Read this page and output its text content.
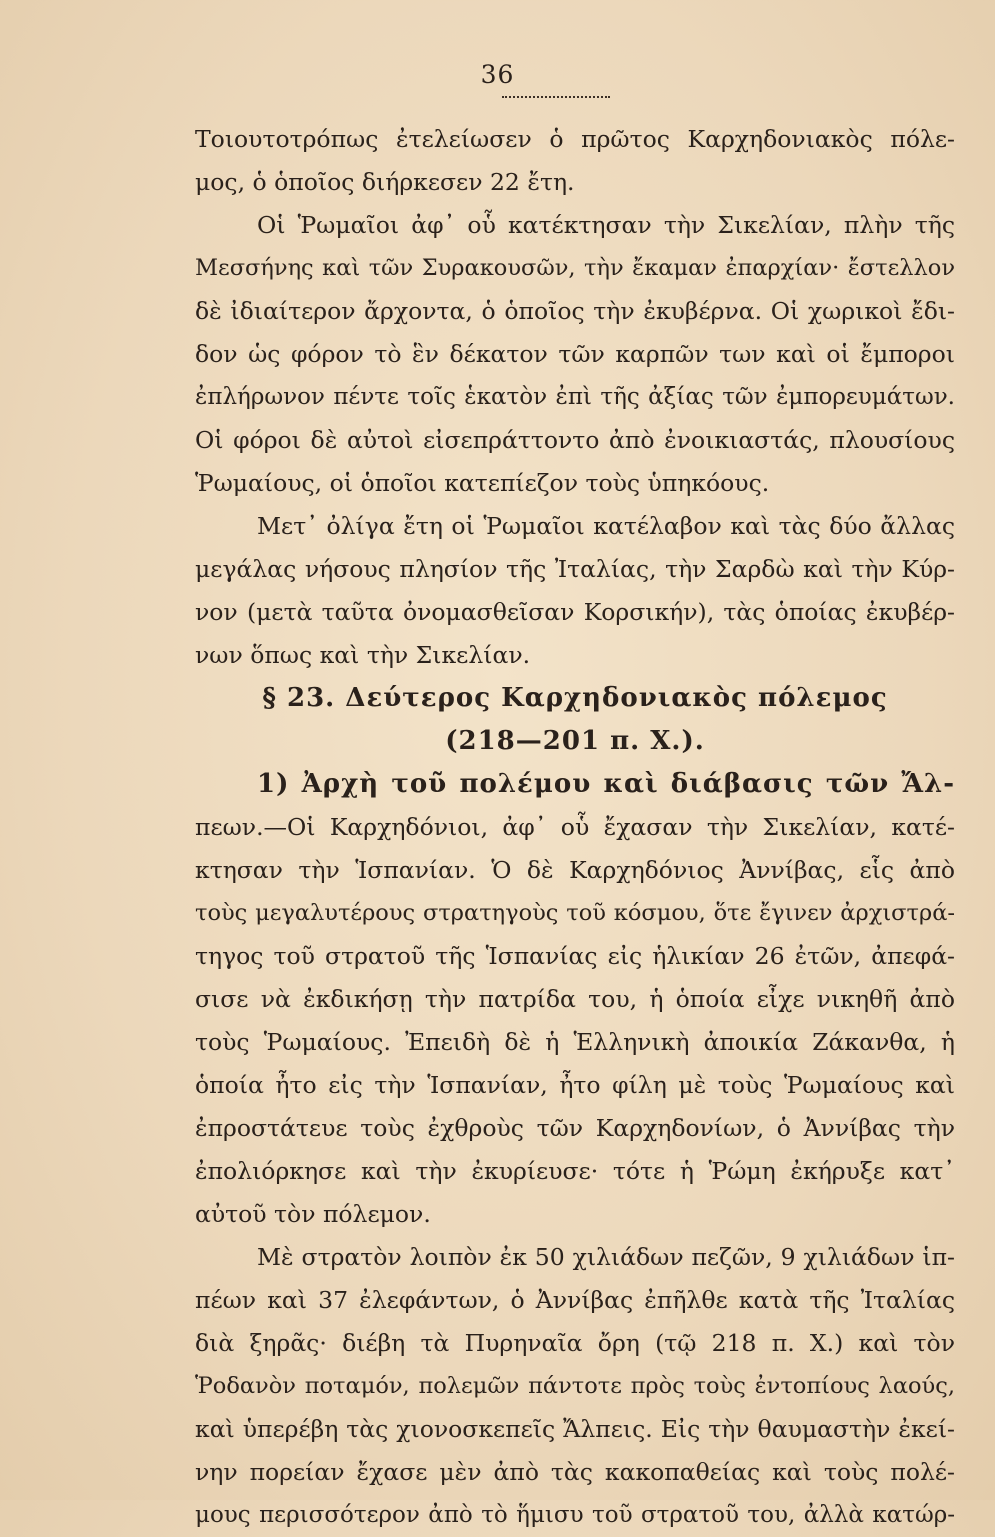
36
Τοιουτοτρόπως ἐτελείωσεν ὁ πρῶτος Καρχηδονιακὸς πόλε-
μος, ὁ ὁποῖος διήρκεσεν 22 ἔτη.
Οἱ Ῥωμαῖοι ἀφ᾽ οὗ κατέκτησαν τὴν Σικελίαν, πλὴν τῆς
Μεσσήνης καὶ τῶν Συρακουσῶν, τὴν ἔκαμαν ἐπαρχίαν· ἔστελλον
δὲ ἰδιαίτερον ἄρχοντα, ὁ ὁποῖος τὴν ἐκυβέρνα. Οἱ χωρικοὶ ἔδι-
δον ὡς φόρον τὸ ἓν δέκατον τῶν καρπῶν των καὶ οἱ ἔμποροι
ἐπλήρωνον πέντε τοῖς ἑκατὸν ἐπὶ τῆς ἀξίας τῶν ἐμπορευμάτων.
Οἱ φόροι δὲ αὐτοὶ εἰσεπράττοντο ἀπὸ ἐνοικιαστάς, πλουσίους
Ῥωμαίους, οἱ ὁποῖοι κατεπίεζον τοὺς ὑπηκόους.
Μετ᾽ ὀλίγα ἔτη οἱ Ῥωμαῖοι κατέλαβον καὶ τὰς δύο ἄλλας
μεγάλας νήσους πλησίον τῆς Ἰταλίας, τὴν Σαρδὼ καὶ τὴν Κύρ-
νον (μετὰ ταῦτα ὀνομασθεῖσαν Κορσικήν), τὰς ὁποίας ἐκυβέρ-
νων ὅπως καὶ τὴν Σικελίαν.
§ 23. Δεύτερος Καρχηδονιακὸς πόλεμος
(218—201 π. Χ.).
1) Ἀρχὴ τοῦ πολέμου καὶ διάβασις τῶν Ἄλ-
πεων.—Οἱ Καρχηδόνιοι, ἀφ᾽ οὗ ἔχασαν τὴν Σικελίαν, κατέ-
κτησαν τὴν Ἱσπανίαν. Ὁ δὲ Καρχηδόνιος Ἀννίβας, εἷς ἀπὸ
τοὺς μεγαλυτέρους στρατηγοὺς τοῦ κόσμου, ὅτε ἔγινεν ἀρχιστρά-
τηγος τοῦ στρατοῦ τῆς Ἱσπανίας εἰς ἡλικίαν 26 ἐτῶν, ἀπεφά-
σισε νὰ ἐκδικήσῃ τὴν πατρίδα του, ἡ ὁποία εἶχε νικηθῆ ἀπὸ
τοὺς Ῥωμαίους. Ἐπειδὴ δὲ ἡ Ἑλληνικὴ ἀποικία Ζάκανθα, ἡ
ὁποία ἦτο εἰς τὴν Ἱσπανίαν, ἦτο φίλη μὲ τοὺς Ῥωμαίους καὶ
ἐπροστάτευε τοὺς ἐχθροὺς τῶν Καρχηδονίων, ὁ Ἀννίβας τὴν
ἐπολιόρκησε καὶ τὴν ἐκυρίευσε· τότε ἡ Ῥώμη ἐκήρυξε κατ᾽
αὐτοῦ τὸν πόλεμον.
Μὲ στρατὸν λοιπὸν ἐκ 50 χιλιάδων πεζῶν, 9 χιλιάδων ἱπ-
πέων καὶ 37 ἐλεφάντων, ὁ Ἀννίβας ἐπῆλθε κατὰ τῆς Ἰταλίας
διὰ ξηρᾶς· διέβη τὰ Πυρηναῖα ὄρη (τῷ 218 π. Χ.) καὶ τὸν
Ῥοδανὸν ποταμόν, πολεμῶν πάντοτε πρὸς τοὺς ἐντοπίους λαούς,
καὶ ὑπερέβη τὰς χιονοσκεπεῖς Ἄλπεις. Εἰς τὴν θαυμαστὴν ἐκεί-
νην πορείαν ἔχασε μὲν ἀπὸ τὰς κακοπαθείας καὶ τοὺς πολέ-
μους περισσότερον ἀπὸ τὸ ἥμισυ τοῦ στρατοῦ του, ἀλλὰ κατώρ-
